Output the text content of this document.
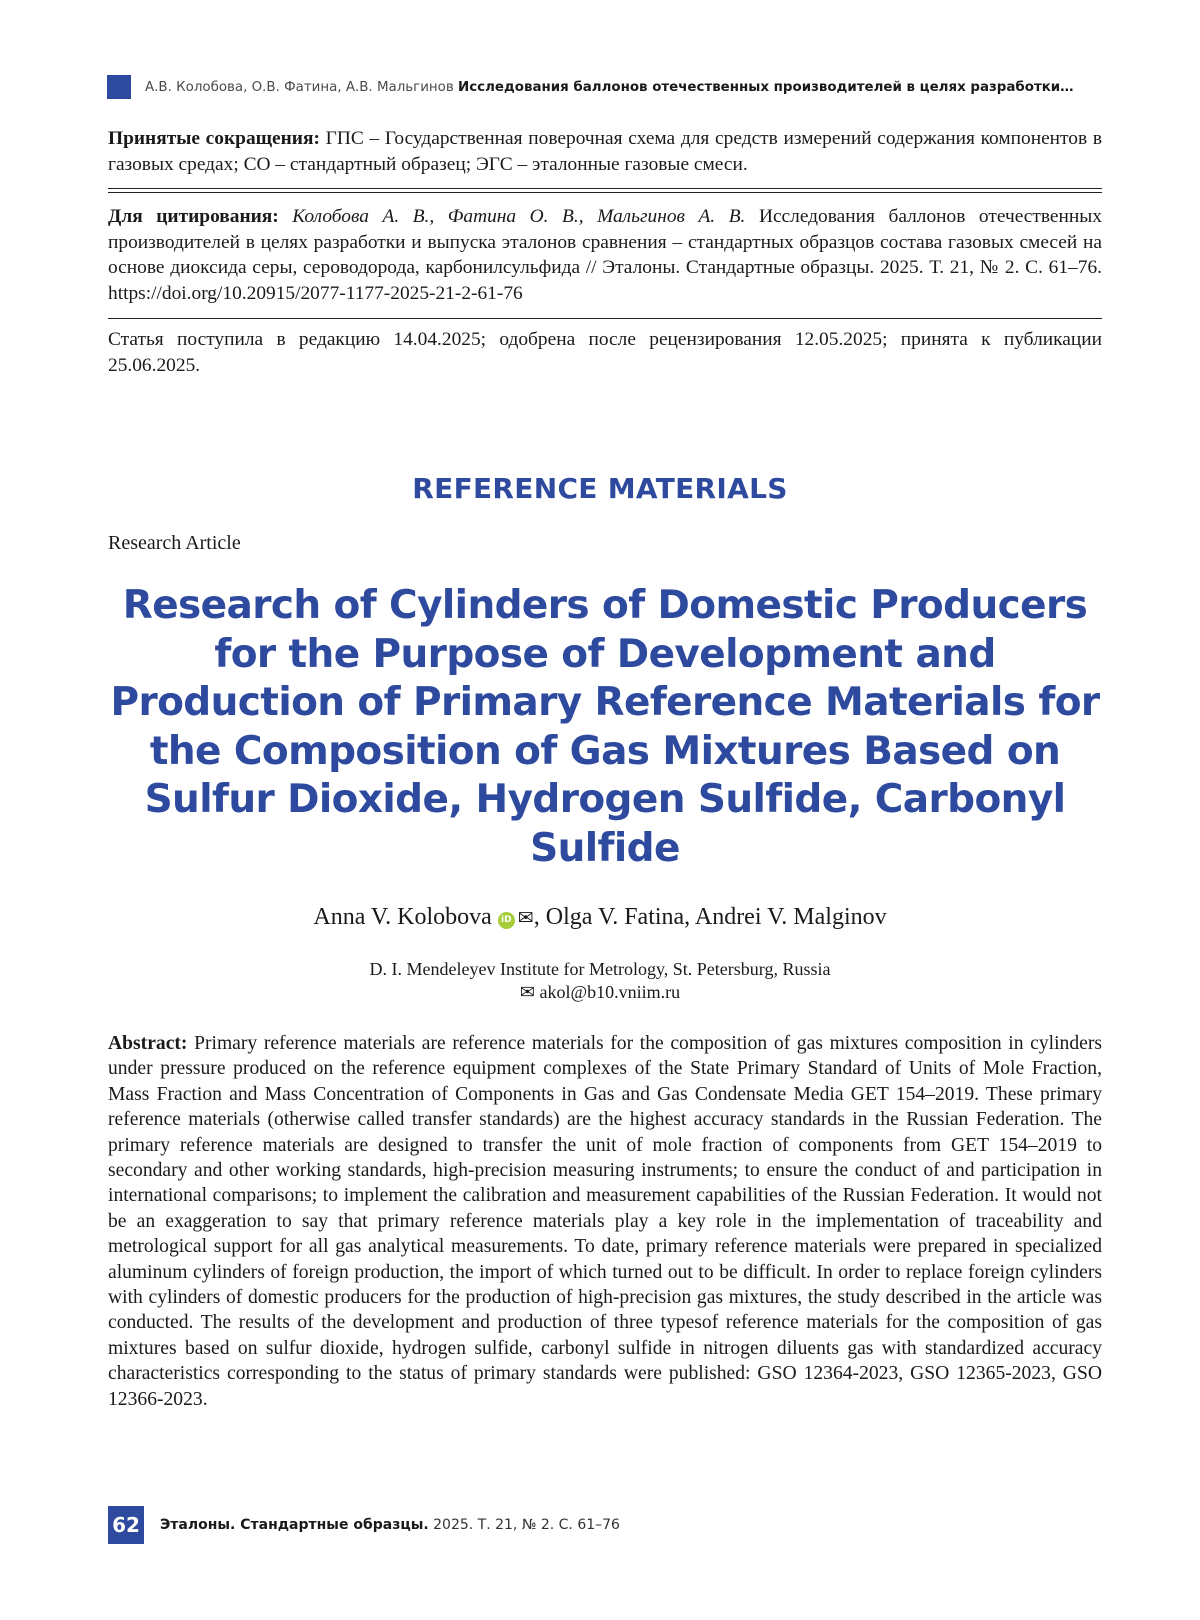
А.В. Колобова, О.В. Фатина, А.В. Мальгинов Исследования баллонов отечественных производителей в целях разработки…
Принятые сокращения: ГПС – Государственная поверочная схема для средств измерений содержания компонентов в газовых средах; СО – стандартный образец; ЭГС – эталонные газовые смеси.
Для цитирования: Колобова А. В., Фатина О. В., Мальгинов А. В. Исследования баллонов отечественных производителей в целях разработки и выпуска эталонов сравнения – стандартных образцов состава газовых смесей на основе диоксида серы, сероводорода, карбонилсульфида // Эталоны. Стандартные образцы. 2025. Т. 21, № 2. С. 61–76. https://doi.org/10.20915/2077-1177-2025-21-2-61-76
Статья поступила в редакцию 14.04.2025; одобрена после рецензирования 12.05.2025; принята к публикации 25.06.2025.
REFERENCE MATERIALS
Research Article
Research of Cylinders of Domestic Producers for the Purpose of Development and Production of Primary Reference Materials for the Composition of Gas Mixtures Based on Sulfur Dioxide, Hydrogen Sulfide, Carbonyl Sulfide
Anna V. Kolobova iD ✉, Olga V. Fatina, Andrei V. Malginov
D. I. Mendeleyev Institute for Metrology, St. Petersburg, Russia
✉ akol@b10.vniim.ru
Abstract: Primary reference materials are reference materials for the composition of gas mixtures composition in cylinders under pressure produced on the reference equipment complexes of the State Primary Standard of Units of Mole Fraction, Mass Fraction and Mass Concentration of Components in Gas and Gas Condensate Media GET 154–2019. These primary reference materials (otherwise called transfer standards) are the highest accuracy standards in the Russian Federation. The primary reference materials are designed to transfer the unit of mole fraction of components from GET 154–2019 to secondary and other working standards, high-precision measuring instruments; to ensure the conduct of and participation in international comparisons; to implement the calibration and measurement capabilities of the Russian Federation. It would not be an exaggeration to say that primary reference materials play a key role in the implementation of traceability and metrological support for all gas analytical measurements. To date, primary reference materials were prepared in specialized aluminum cylinders of foreign production, the import of which turned out to be difficult. In order to replace foreign cylinders with cylinders of domestic producers for the production of high-precision gas mixtures, the study described in the article was conducted. The results of the development and production of three typesof reference materials for the composition of gas mixtures based on sulfur dioxide, hydrogen sulfide, carbonyl sulfide in nitrogen diluents gas with standardized accuracy characteristics corresponding to the status of primary standards were published: GSO 12364-2023, GSO 12365-2023, GSO 12366-2023.
62 Эталоны. Стандартные образцы. 2025. Т. 21, № 2. С. 61–76
